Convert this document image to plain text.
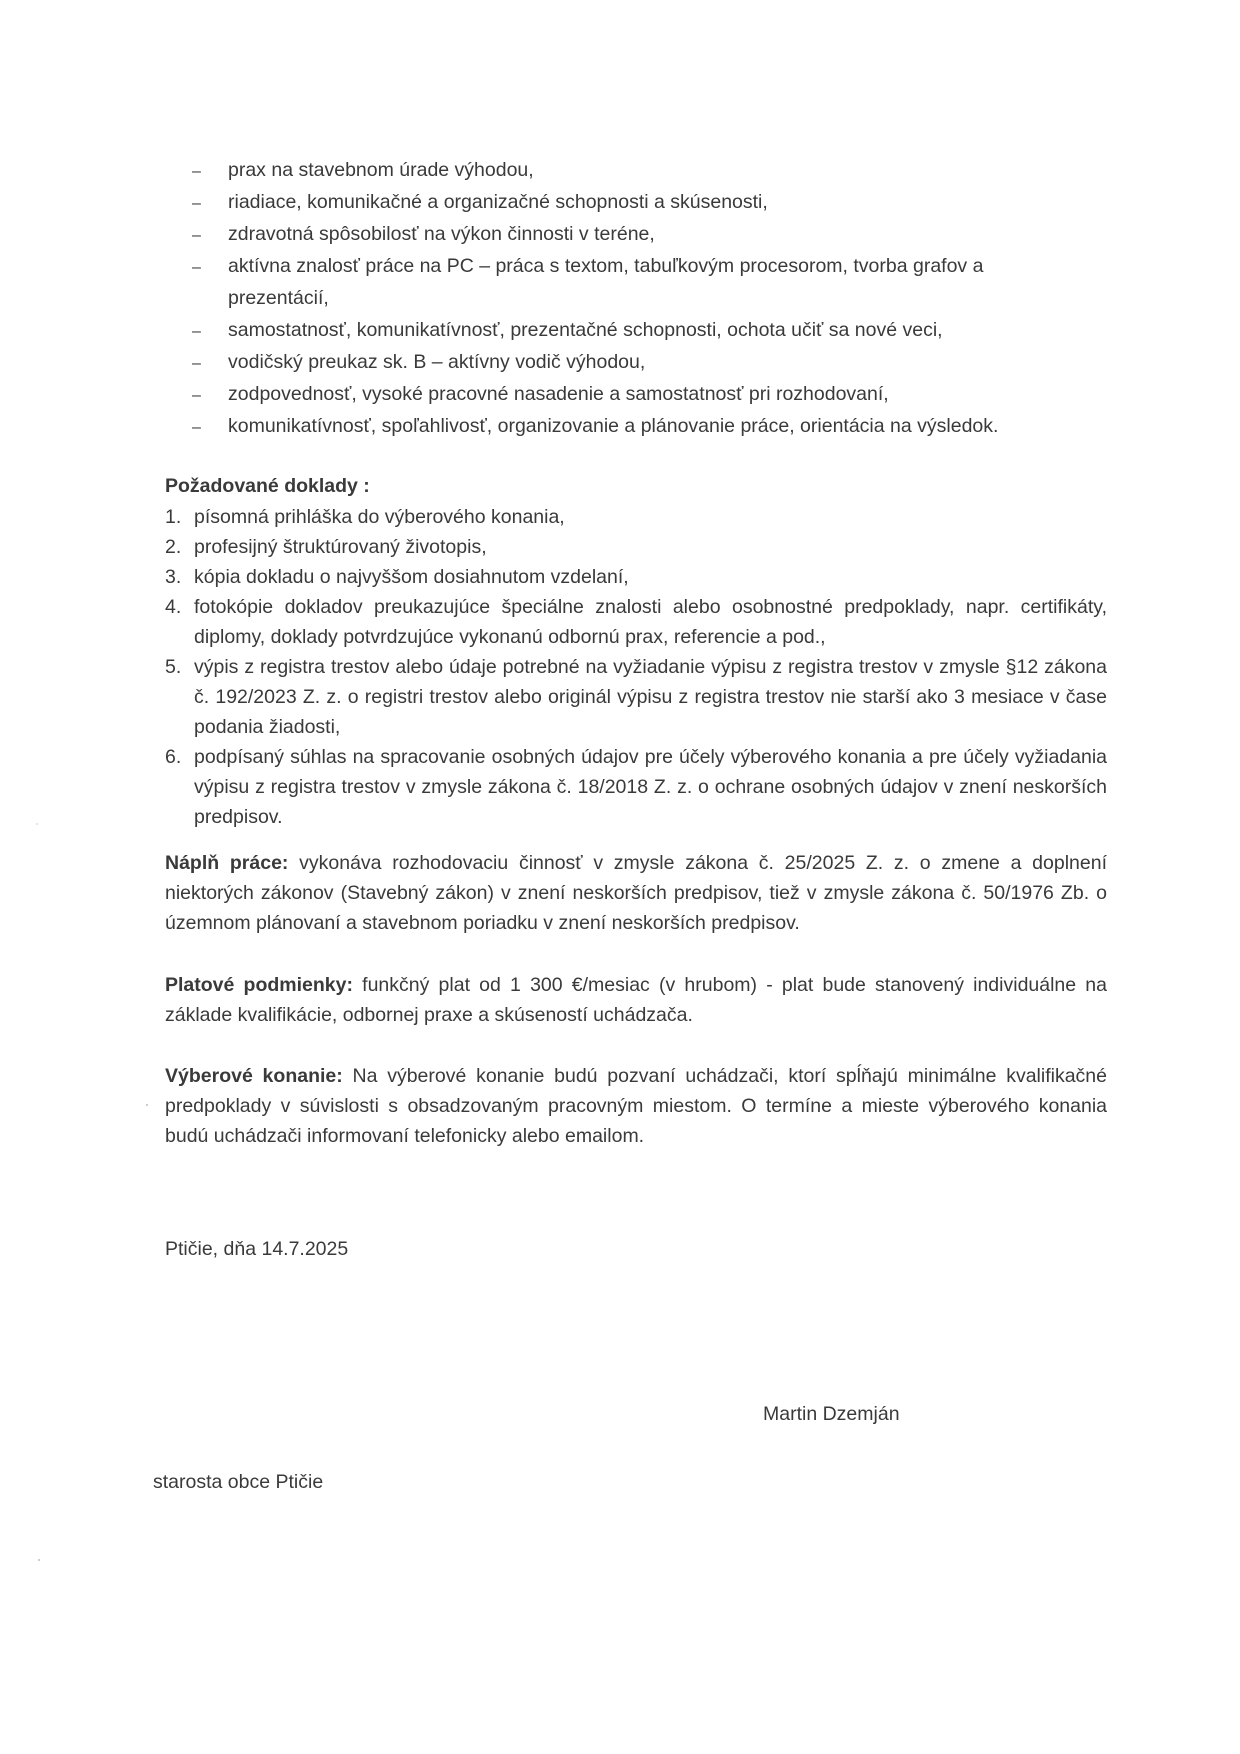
– prax na stavebnom úrade výhodou,
– riadiace, komunikačné a organizačné schopnosti a skúsenosti,
– zdravotná spôsobilosť na výkon činnosti v teréne,
– aktívna znalosť práce na PC – práca s textom, tabuľkovým procesorom, tvorba grafov a prezentácií,
– samostatnosť, komunikatívnosť, prezentačné schopnosti, ochota učiť sa nové veci,
– vodičský preukaz sk. B – aktívny vodič výhodou,
– zodpovednosť, vysoké pracovné nasadenie a samostatnosť pri rozhodovaní,
– komunikatívnosť, spoľahlivosť, organizovanie a plánovanie práce, orientácia na výsledok.
Požadované doklady :
1. písomná prihláška do výberového konania,
2. profesijný štruktúrovaný životopis,
3. kópia dokladu o najvyššom dosiahnutom vzdelaní,
4. fotokópie dokladov preukazujúce špeciálne znalosti alebo osobnostné predpoklady, napr. certifikáty, diplomy, doklady potvrdzujúce vykonanú odbornú prax, referencie a pod.,
5. výpis z registra trestov alebo údaje potrebné na vyžiadanie výpisu z registra trestov v zmysle §12 zákona č. 192/2023 Z. z. o registri trestov alebo originál výpisu z registra trestov nie starší ako 3 mesiace v čase podania žiadosti,
6. podpísaný súhlas na spracovanie osobných údajov pre účely výberového konania a pre účely vyžiadania výpisu z registra trestov v zmysle zákona č. 18/2018 Z. z. o ochrane osobných údajov v znení neskorších predpisov.

Náplň práce: vykonáva rozhodovaciu činnosť v zmysle zákona č. 25/2025 Z. z. o zmene a doplnení niektorých zákonov (Stavebný zákon) v znení neskorších predpisov, tiež v zmysle zákona č. 50/1976 Zb. o územnom plánovaní a stavebnom poriadku v znení neskorších predpisov.

Platové podmienky: funkčný plat od 1 300 €/mesiac (v hrubom) - plat bude stanovený individuálne na základe kvalifikácie, odbornej praxe a skúseností uchádzača.

Výberové konanie: Na výberové konanie budú pozvaní uchádzači, ktorí spĺňajú minimálne kvalifikačné predpoklady v súvislosti s obsadzovaným pracovným miestom. O termíne a mieste výberového konania budú uchádzači informovaní telefonicky alebo emailom.

Ptičie, dňa 14.7.2025
Martin Dzemján
starosta obce Ptičie
